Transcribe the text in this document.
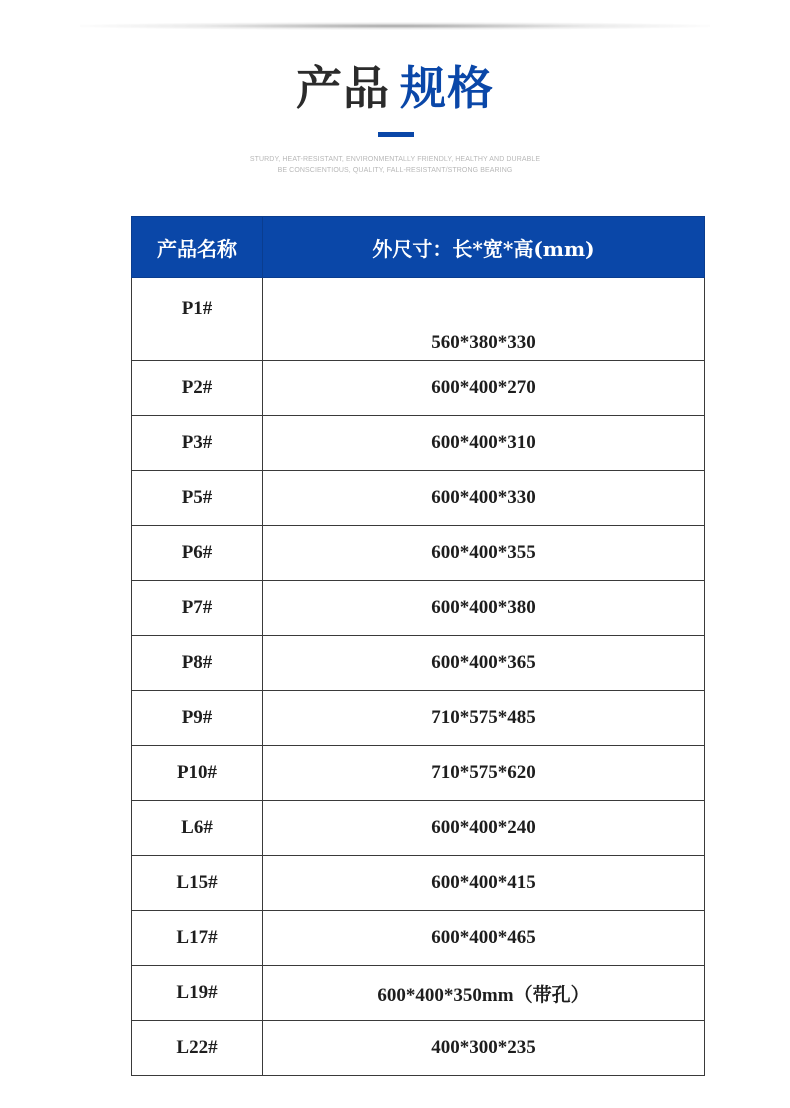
产品 规格
STURDY, HEAT-RESISTANT, ENVIRONMENTALLY FRIENDLY, HEALTHY AND DURABLE
BE CONSCIENTIOUS, QUALITY, FALL-RESISTANT/STRONG BEARING
产品名称	外尺寸：长*宽*高(mm)
P1#	560*380*330
P2#	600*400*270
P3#	600*400*310
P5#	600*400*330
P6#	600*400*355
P7#	600*400*380
P8#	600*400*365
P9#	710*575*485
P10#	710*575*620
L6#	600*400*240
L15#	600*400*415
L17#	600*400*465
L19#	600*400*350mm（带孔）
L22#	400*300*235
